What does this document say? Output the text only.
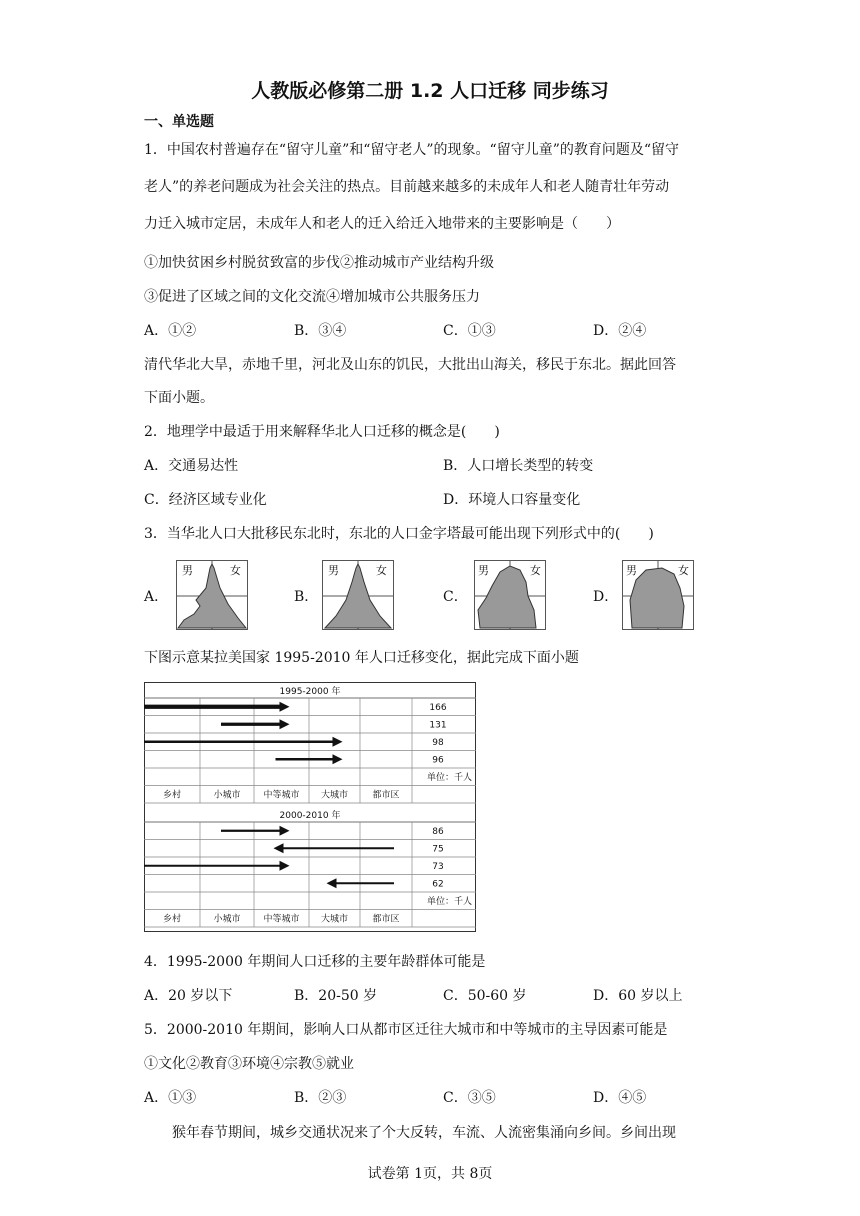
人教版必修第二册 1.2 人口迁移 同步练习
一、单选题
1．中国农村普遍存在“留守儿童”和“留守老人”的现象。“留守儿童”的教育问题及“留守
老人”的养老问题成为社会关注的热点。目前越来越多的未成年人和老人随青壮年劳动
力迁入城市定居，未成年人和老人的迁入给迁入地带来的主要影响是（　　）
①加快贫困乡村脱贫致富的步伐②推动城市产业结构升级
③促进了区域之间的文化交流④增加城市公共服务压力
A．①②	B．③④	C．①③	D．②④
清代华北大旱，赤地千里，河北及山东的饥民，大批出山海关，移民于东北。据此回答
下面小题。
2．地理学中最适于用来解释华北人口迁移的概念是(　　)
A．交通易达性	B．人口增长类型的转变
C．经济区域专业化	D．环境人口容量变化
3．当华北人口大批移民东北时，东北的人口金字塔最可能出现下列形式中的(　　)
A．
男	女
B．
男	女
C．
男	女
D．
男	女
下图示意某拉美国家 1995-2010 年人口迁移变化，据此完成下面小题
1995-2000 年
乡村	小城市	中等城市 大城市	都市区
单位：千人
2000-2010 年
乡村	小城市	中等城市 大城市	都市区
单位：千人
166
131
98
96
86
75
73
62
4．1995-2000 年期间人口迁移的主要年龄群体可能是
A．20 岁以下	B．20-50 岁	C．50-60 岁	D．60 岁以上
5．2000-2010 年期间，影响人口从都市区迁往大城市和中等城市的主导因素可能是
①文化②教育③环境④宗教⑤就业
A．①③	B．②③	C．③⑤	D．④⑤
猴年春节期间，城乡交通状况来了个大反转，车流、人流密集涌向乡间。乡间出现
试卷第 1页，共 8页
